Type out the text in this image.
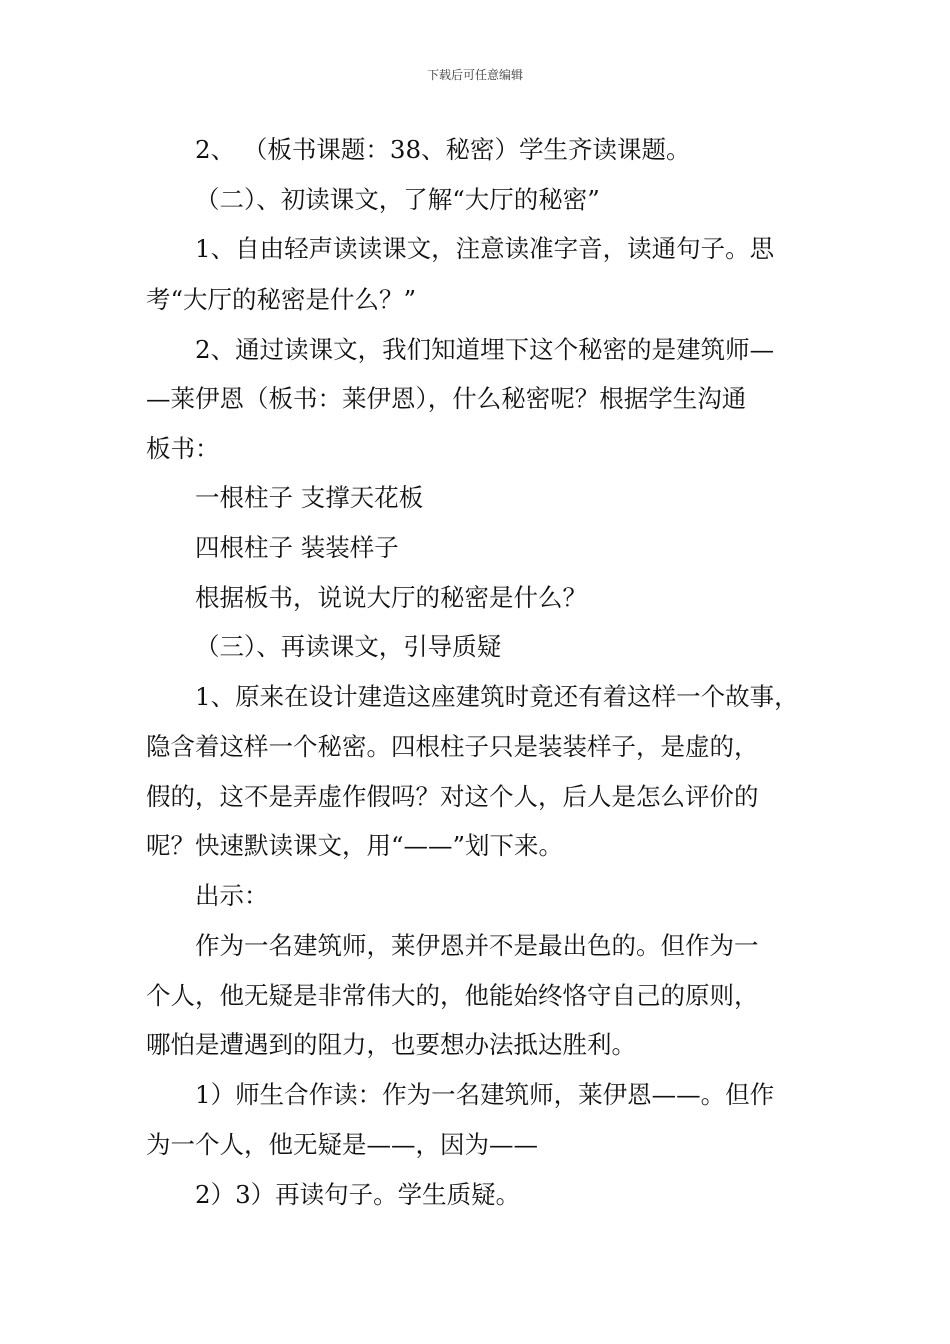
下载后可任意编辑
2、 （板书课题：38、秘密）学生齐读课题。
（二）、初读课文，了解“大厅的秘密”
1、自由轻声读读课文，注意读准字音，读通句子。思
考“大厅的秘密是什么？”
2、通过读课文，我们知道埋下这个秘密的是建筑师—
—莱伊恩（板书：莱伊恩），什么秘密呢？根据学生沟通
板书：
一根柱子 支撑天花板
四根柱子 装装样子
根据板书，说说大厅的秘密是什么？
（三）、再读课文，引导质疑
1、原来在设计建造这座建筑时竟还有着这样一个故事，
隐含着这样一个秘密。四根柱子只是装装样子，是虚的，
假的，这不是弄虚作假吗？对这个人，后人是怎么评价的
呢？快速默读课文，用“——”划下来。
出示：
作为一名建筑师，莱伊恩并不是最出色的。但作为一
个人，他无疑是非常伟大的，他能始终恪守自己的原则，
哪怕是遭遇到的阻力，也要想办法抵达胜利。
1）师生合作读：作为一名建筑师，莱伊恩——。但作
为一个人，他无疑是——，因为——
2）3）再读句子。学生质疑。
